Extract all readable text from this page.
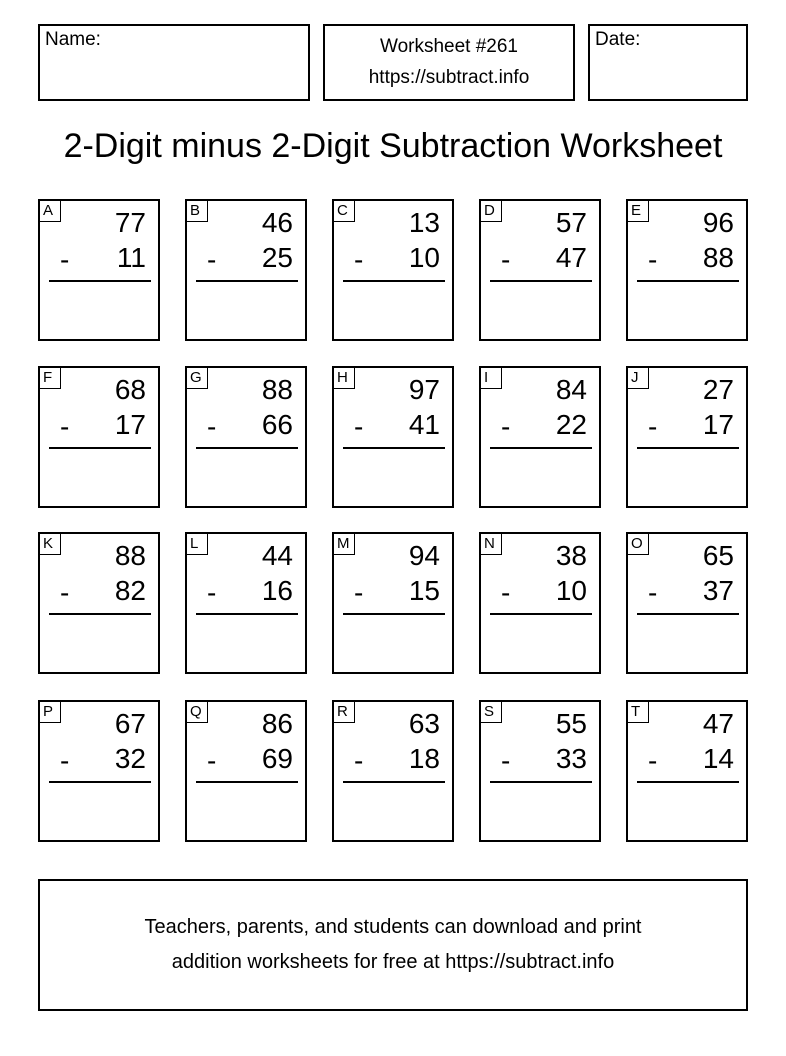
Name:	Worksheet #261
https://subtract.info
Date:
2-Digit minus 2-Digit Subtraction Worksheet
A 77
- 11
B 46
- 25
C 13
- 10
D 57
- 47
E 96
- 88
F	68
- 17
G 88
- 66
H 97
- 41
I	84
- 22
J	27
- 17
K 88
- 82
L	44
- 16
M 94
- 15
N 38
- 10
O 65
- 37
P 67
- 32
Q 86
- 69
R 63
- 18
S 55
- 33
T	47
- 14
Teachers, parents, and students can download and print
addition worksheets for free at https://subtract.info
